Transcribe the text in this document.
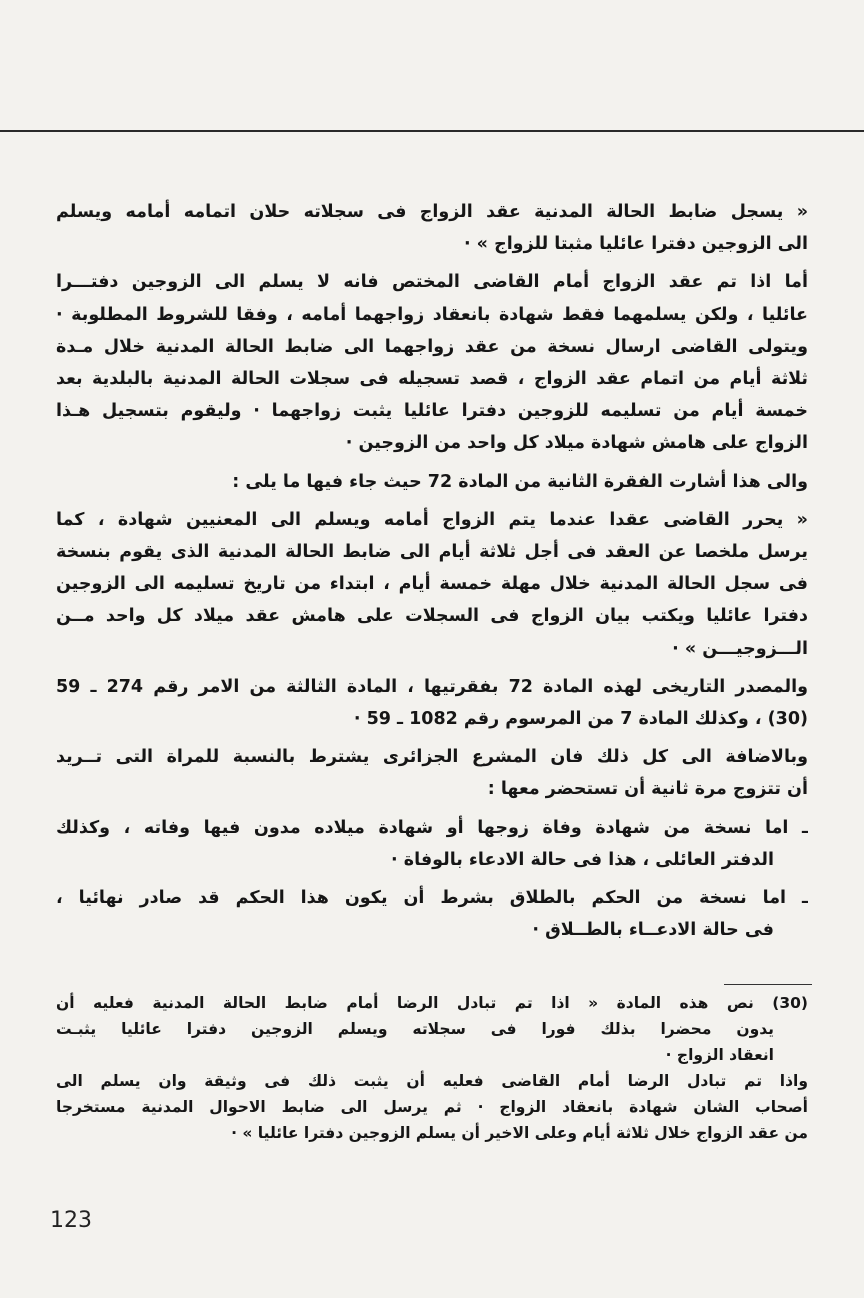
« يسجل ضابط الحالة المدنية عقد الزواج فى سجلاته حلان اتمامه أمامه ويسلم
الى الزوجين دفترا عائليا مثبتا للزواج » ·
أما اذا تم عقد الزواج أمام القاضى المختص فانه لا يسلم الى الزوجين دفتـــرا
عائليا ، ولكن يسلمهما فقط شهادة بانعقاد زواجهما أمامه ، وفقا للشروط المطلوبة ·
ويتولى القاضى ارسال نسخة من عقد زواجهما الى ضابط الحالة المدنية خلال مـدة
ثلاثة أيام من اتمام عقد الزواج ، قصد تسجيله فى سجلات الحالة المدنية بالبلدية بعد
خمسة أيام من تسليمه للزوجين دفترا عائليا يثبت زواجهما · وليقوم بتسجيل هـذا
الزواج على هامش شهادة ميلاد كل واحد من الزوجين ·
والى هذا أشارت الفقرة الثانية من المادة 72 حيث جاء فيها ما يلى :
« يحرر القاضى عقدا عندما يتم الزواج أمامه ويسلم الى المعنيين شهادة ، كما
يرسل ملخصا عن العقد فى أجل ثلاثة أيام الى ضابط الحالة المدنية الذى يقوم بنسخة
فى سجل الحالة المدنية خلال مهلة خمسة أيام ، ابتداء من تاريخ تسليمه الى الزوجين
دفترا عائليا ويكتب بيان الزواج فى السجلات على هامش عقد ميلاد كل واحد مــن
الـــزوجيـــن » ·
والمصدر التاريخى لهذه المادة 72 بفقرتيها ، المادة الثالثة من الامر رقم 274 ـ 59
(30) ، وكذلك المادة 7 من المرسوم رقم 1082 ـ 59 ·
وبالاضافة الى كل ذلك فان المشرع الجزائرى يشترط بالنسبة للمراة التى تــريد
أن تتزوج مرة ثانية أن تستحضر معها :
ـ اما نسخة من شهادة وفاة زوجها أو شهادة ميلاده مدون فيها وفاته ، وكذلك
الدفتر العائلى ، هذا فى حالة الادعاء بالوفاة ·
ـ اما نسخة من الحكم بالطلاق بشرط أن يكون هذا الحكم قد صادر نهائيا ،
فى حالة الادعــاء بالطــلاق ·
(30) نص هذه المادة « اذا تم تبادل الرضا أمام ضابط الحالة المدنية فعليه أن
يدون محضرا بذلك فورا فى سجلاته ويسلم الزوجين دفترا عائليا يثبـت
انعقاد الزواج ·
واذا تم تبادل الرضا أمام القاضى فعليه أن يثبت ذلك فى وثيقة وان يسلم الى
أصحاب الشان شهادة بانعقاد الزواج · ثم يرسل الى ضابط الاحوال المدنية مستخرجا
من عقد الزواج خلال ثلاثة أيام وعلى الاخير أن يسلم الزوجين دفترا عائليا » ·
123
